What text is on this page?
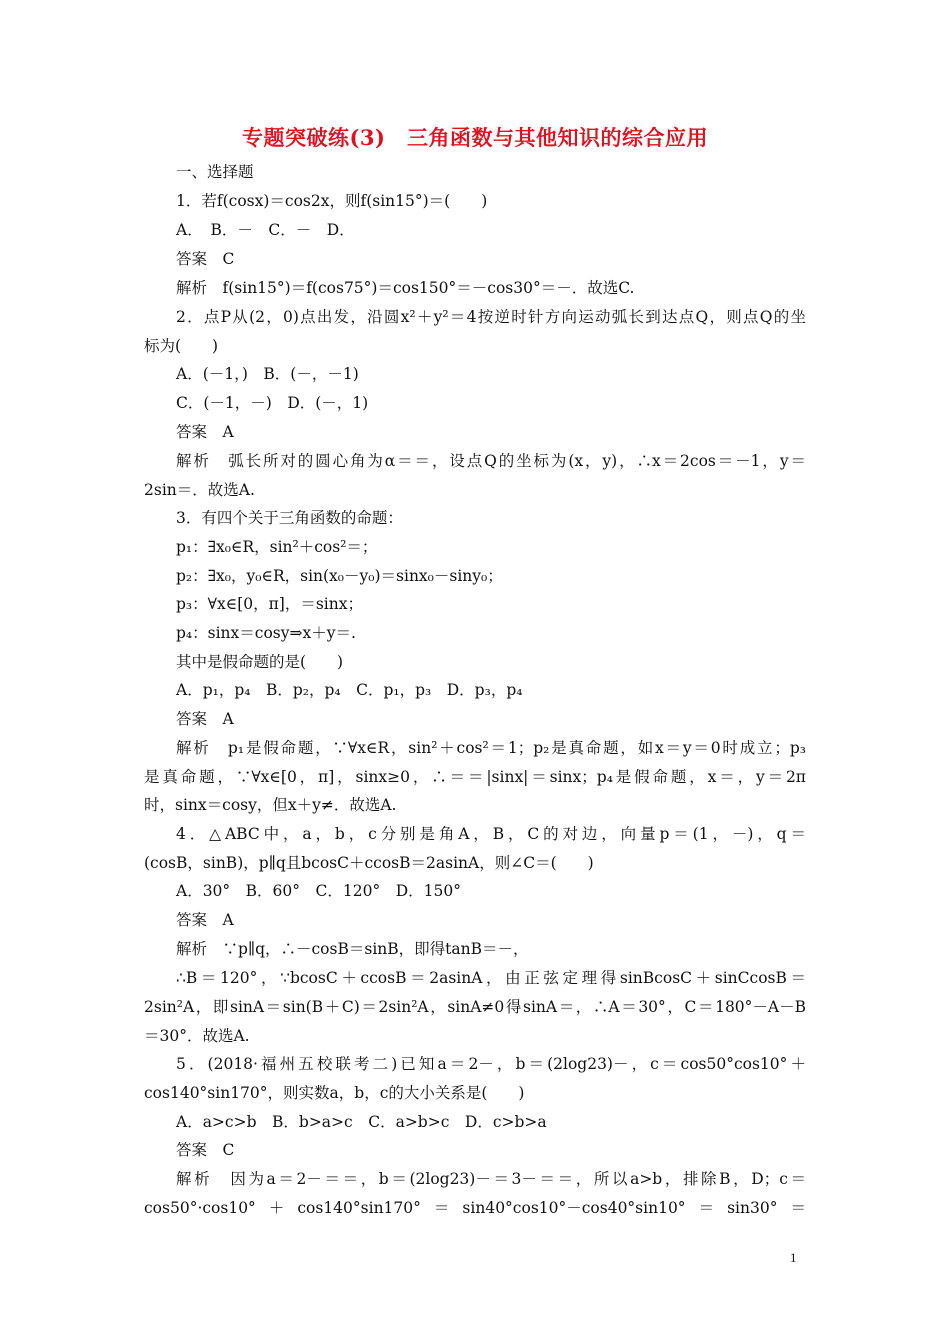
专题突破练(3)　三角函数与其他知识的综合应用
一、选择题
1．若f(cosx)＝cos2x，则f(sin15°)＝(　　)
A．　B．－　C．－　D．
答案　C
解析　f(sin15°)＝f(cos75°)＝cos150°＝－cos30°＝－．故选C.
2．点P从(2，0)点出发，沿圆x²＋y²＝4按逆时针方向运动弧长到达点Q，则点Q的坐
标为(　　)
A．(－1，)　B．(－，－1)
C．(－1，－)　D．(－，1)
答案　A
解析　弧长所对的圆心角为α＝＝，设点Q的坐标为(x，y)，∴x＝2cos＝－1，y＝
2sin＝．故选A.
3．有四个关于三角函数的命题：
p₁：∃x₀∈R，sin²＋cos²＝；
p₂：∃x₀，y₀∈R，sin(x₀－y₀)＝sinx₀－siny₀；
p₃：∀x∈[0，π]，＝sinx；
p₄：sinx＝cosy⇒x＋y＝.
其中是假命题的是(　　)
A．p₁，p₄　B．p₂，p₄　C．p₁，p₃　D．p₃，p₄
答案　A
解析　p₁是假命题，∵∀x∈R，sin²＋cos²＝1；p₂是真命题，如x＝y＝0时成立；p₃
是真命题，∵∀x∈[0，π]，sinx≥0，∴＝＝|sinx|＝sinx；p₄是假命题，x＝，y＝2π
时，sinx＝cosy，但x＋y≠．故选A.
4．△ABC中，a，b，c分别是角A，B，C的对边，向量p＝(1，－)，q＝
(cosB，sinB)，p∥q且bcosC＋ccosB＝2asinA，则∠C＝(　　)
A．30°　B．60°　C．120°　D．150°
答案　A
解析　∵p∥q，∴－cosB＝sinB，即得tanB＝－，
∴B＝120°，∵bcosC＋ccosB＝2asinA，由正弦定理得sinBcosC＋sinCcosB＝
2sin²A，即sinA＝sin(B＋C)＝2sin²A，sinA≠0得sinA＝，∴A＝30°，C＝180°－A－B
＝30°．故选A.
5．(2018·福州五校联考二)已知a＝2－，b＝(2log23)－，c＝cos50°cos10°＋
cos140°sin170°，则实数a，b，c的大小关系是(　　)
A．a>c>b　B．b>a>c　C．a>b>c　D．c>b>a
答案　C
解析　因为a＝2－＝＝，b＝(2log23)－＝3－＝＝，所以a>b，排除B，D；c＝
cos50°·cos10°＋cos140°sin170°＝sin40°cos10°－cos40°sin10°＝sin30°＝
1
